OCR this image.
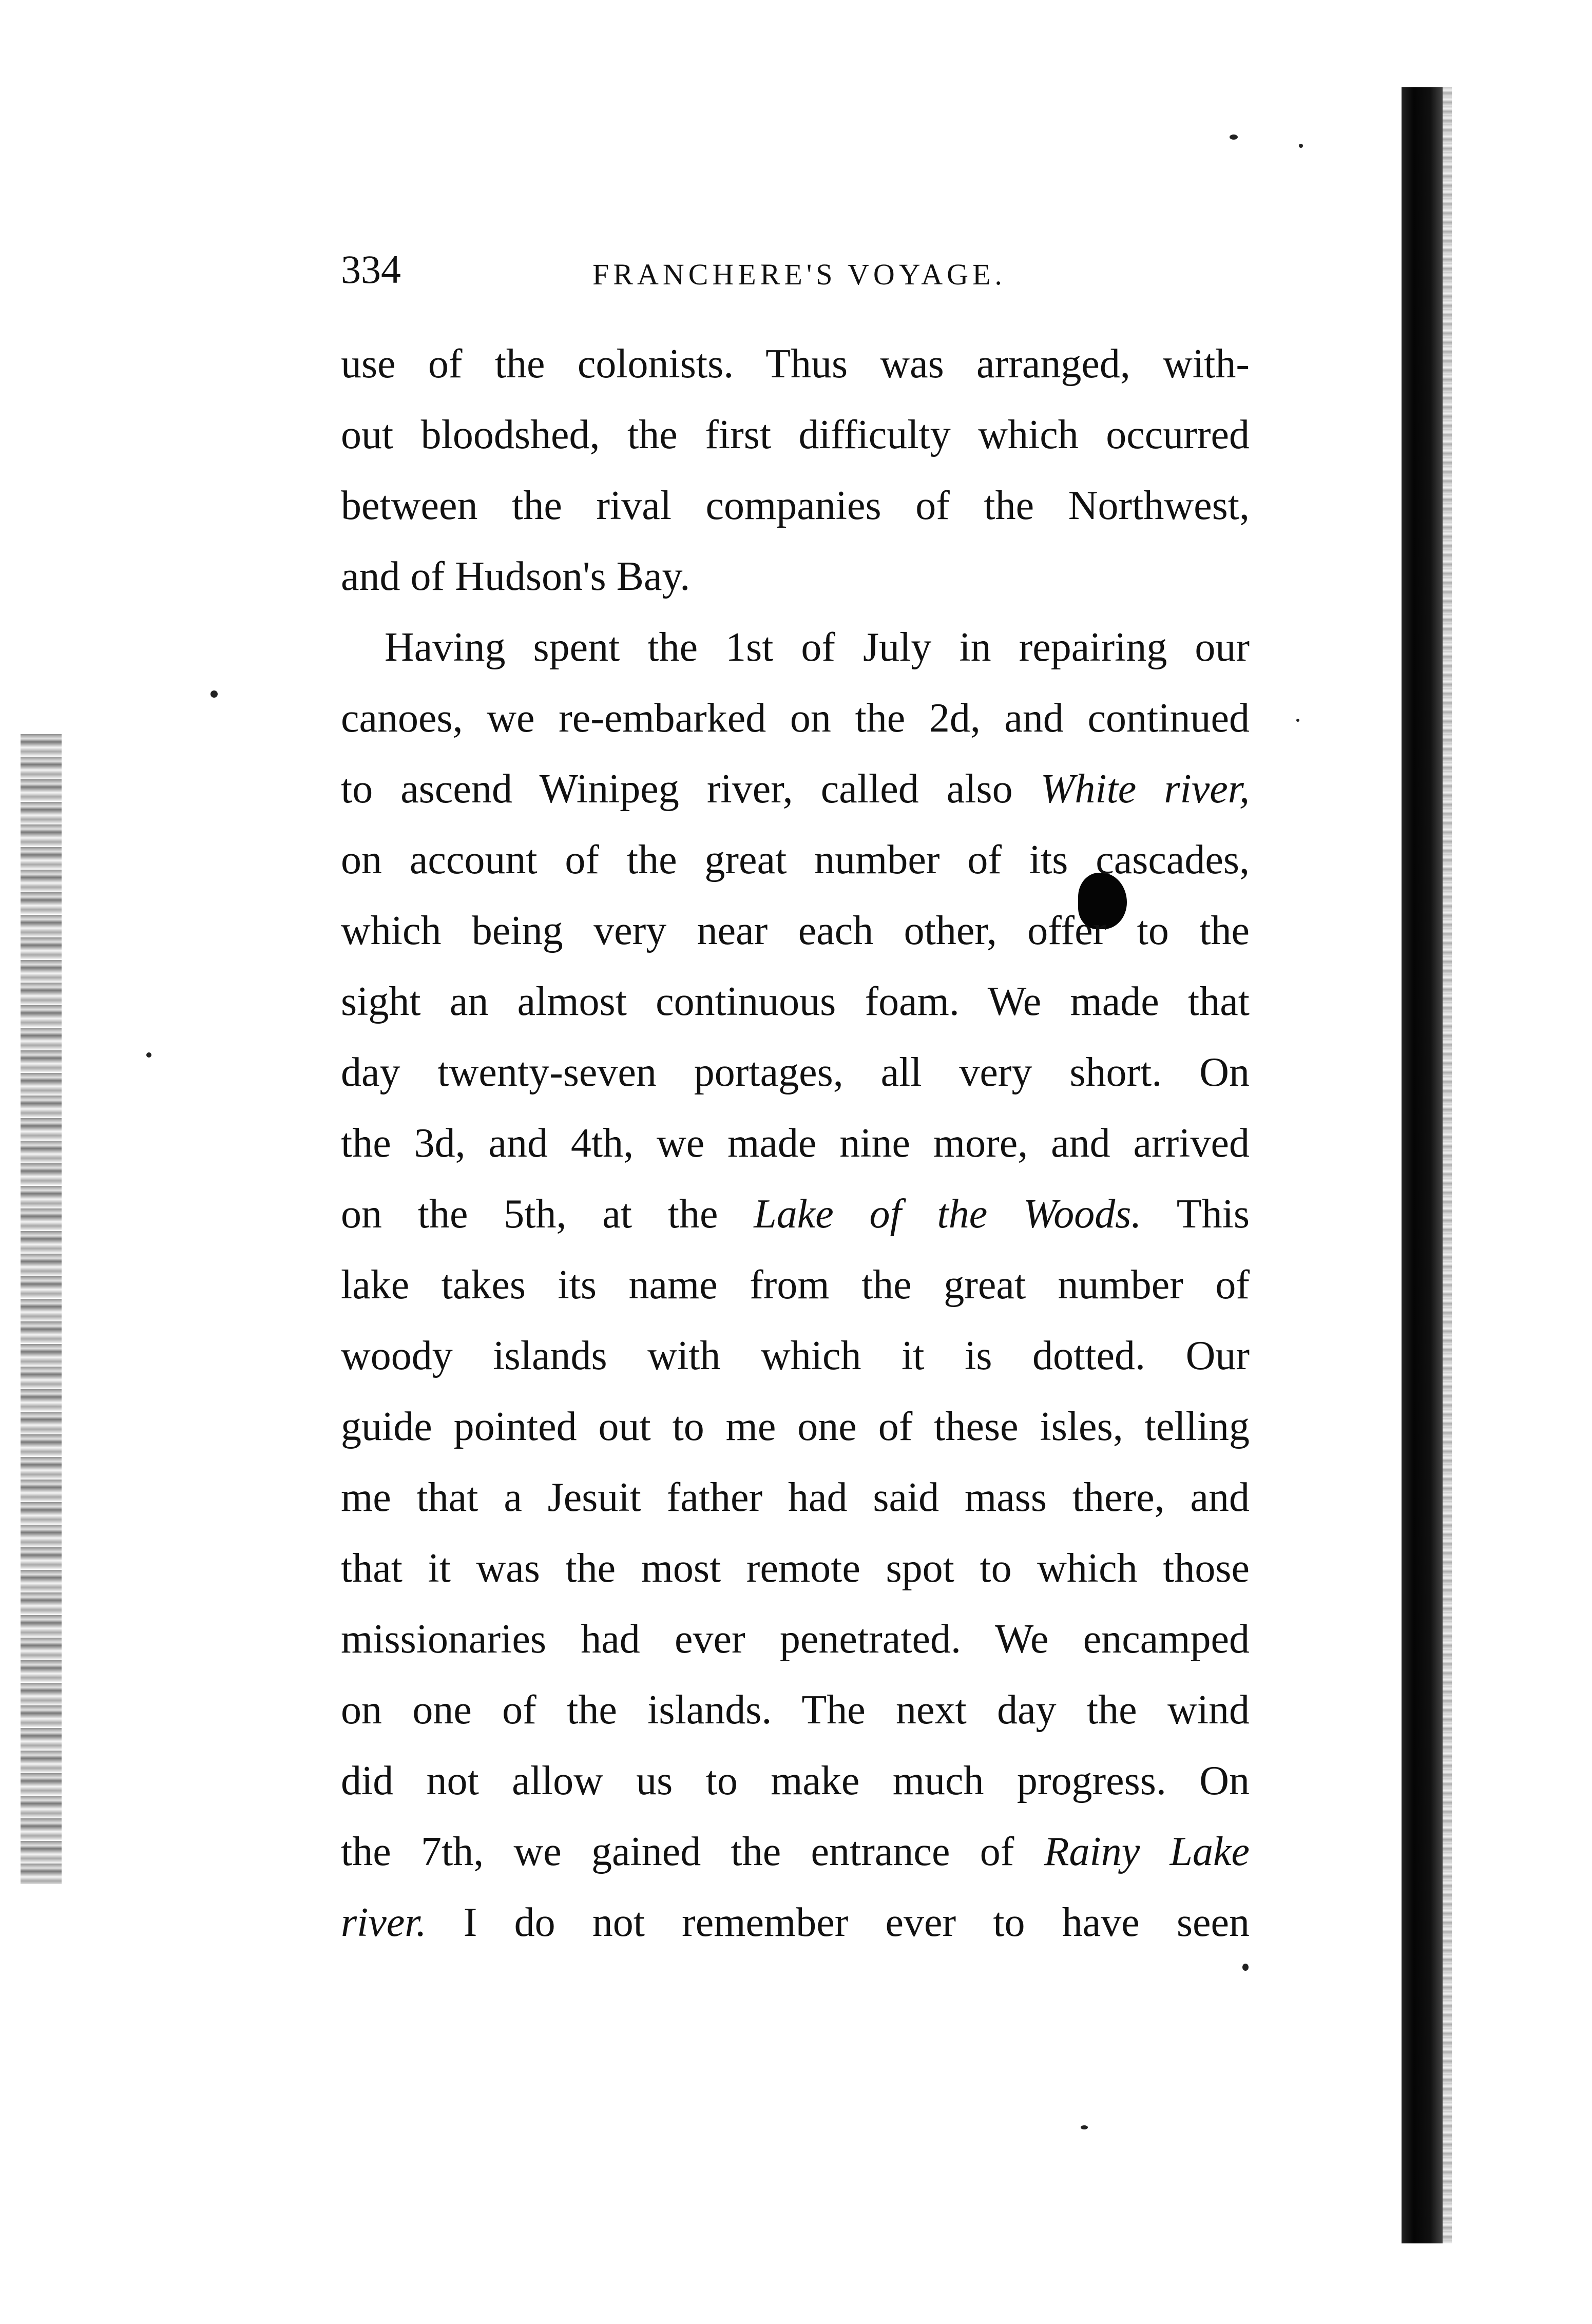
334	FRANCHERE'S VOYAGE.
use of the colonists. Thus was arranged, with-
out bloodshed, the first difficulty which occurred
between the rival companies of the Northwest,
and of Hudson's Bay.
Having spent the 1st of July in repairing our
canoes, we re-embarked on the 2d, and continued
to ascend Winipeg river, called also White river,
on account of the great number of its cascades,
which being very near each other, offer to the
sight an almost continuous foam. We made that
day twenty-seven portages, all very short. On
the 3d, and 4th, we made nine more, and arrived
on the 5th, at the Lake of the Woods. This
lake takes its name from the great number of
woody islands with which it is dotted. Our
guide pointed out to me one of these isles, telling
me that a Jesuit father had said mass there, and
that it was the most remote spot to which those
missionaries had ever penetrated. We encamped
on one of the islands. The next day the wind
did not allow us to make much progress. On
the 7th, we gained the entrance of Rainy Lake
river. I do not remember ever to have seen
